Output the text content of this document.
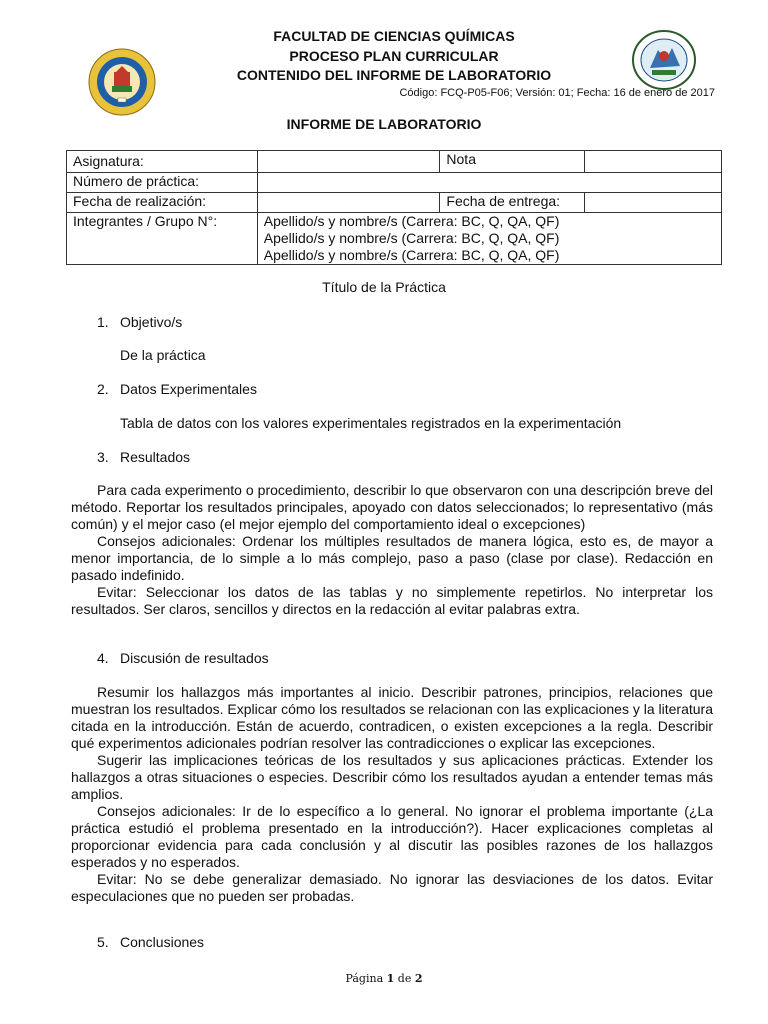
FACULTAD DE CIENCIAS QUÍMICAS
PROCESO PLAN CURRICULAR
CONTENIDO DEL INFORME DE LABORATORIO
Código: FCQ-P05-F06; Versión: 01; Fecha: 16 de enero de 2017
INFORME DE LABORATORIO
Asignatura:		Nota	
Número de práctica:			
Fecha de realización:		Fecha de entrega:	
Integrantes / Grupo N°:	Apellido/s y nombre/s (Carrera: BC, Q, QA, QF)
Apellido/s y nombre/s (Carrera: BC, Q, QA, QF)
Apellido/s y nombre/s (Carrera: BC, Q, QA, QF)		
Título de la Práctica
1. Objetivo/s
De la práctica
2. Datos Experimentales
Tabla de datos con los valores experimentales registrados en la experimentación
3. Resultados

Para cada experimento o procedimiento, describir lo que observaron con una descripción breve del método. Reportar los resultados principales, apoyado con datos seleccionados; lo representativo (más común) y el mejor caso (el mejor ejemplo del comportamiento ideal o excepciones)

Consejos adicionales: Ordenar los múltiples resultados de manera lógica, esto es, de mayor a menor importancia, de lo simple a lo más complejo, paso a paso (clase por clase). Redacción en pasado indefinido.

Evitar: Seleccionar los datos de las tablas y no simplemente repetirlos. No interpretar los resultados. Ser claros, sencillos y directos en la redacción al evitar palabras extra.

4. Discusión de resultados

Resumir los hallazgos más importantes al inicio. Describir patrones, principios, relaciones que muestran los resultados. Explicar cómo los resultados se relacionan con las explicaciones y la literatura citada en la introducción. Están de acuerdo, contradicen, o existen excepciones a la regla. Describir qué experimentos adicionales podrían resolver las contradicciones o explicar las excepciones.

Sugerir las implicaciones teóricas de los resultados y sus aplicaciones prácticas. Extender los hallazgos a otras situaciones o especies. Describir cómo los resultados ayudan a entender temas más amplios.

Consejos adicionales: Ir de lo específico a lo general. No ignorar el problema importante (¿La práctica estudió el problema presentado en la introducción?). Hacer explicaciones completas al proporcionar evidencia para cada conclusión y al discutir las posibles razones de los hallazgos esperados y no esperados.

Evitar: No se debe generalizar demasiado. No ignorar las desviaciones de los datos. Evitar especulaciones que no pueden ser probadas.

5. Conclusiones
Página 1 de 2
